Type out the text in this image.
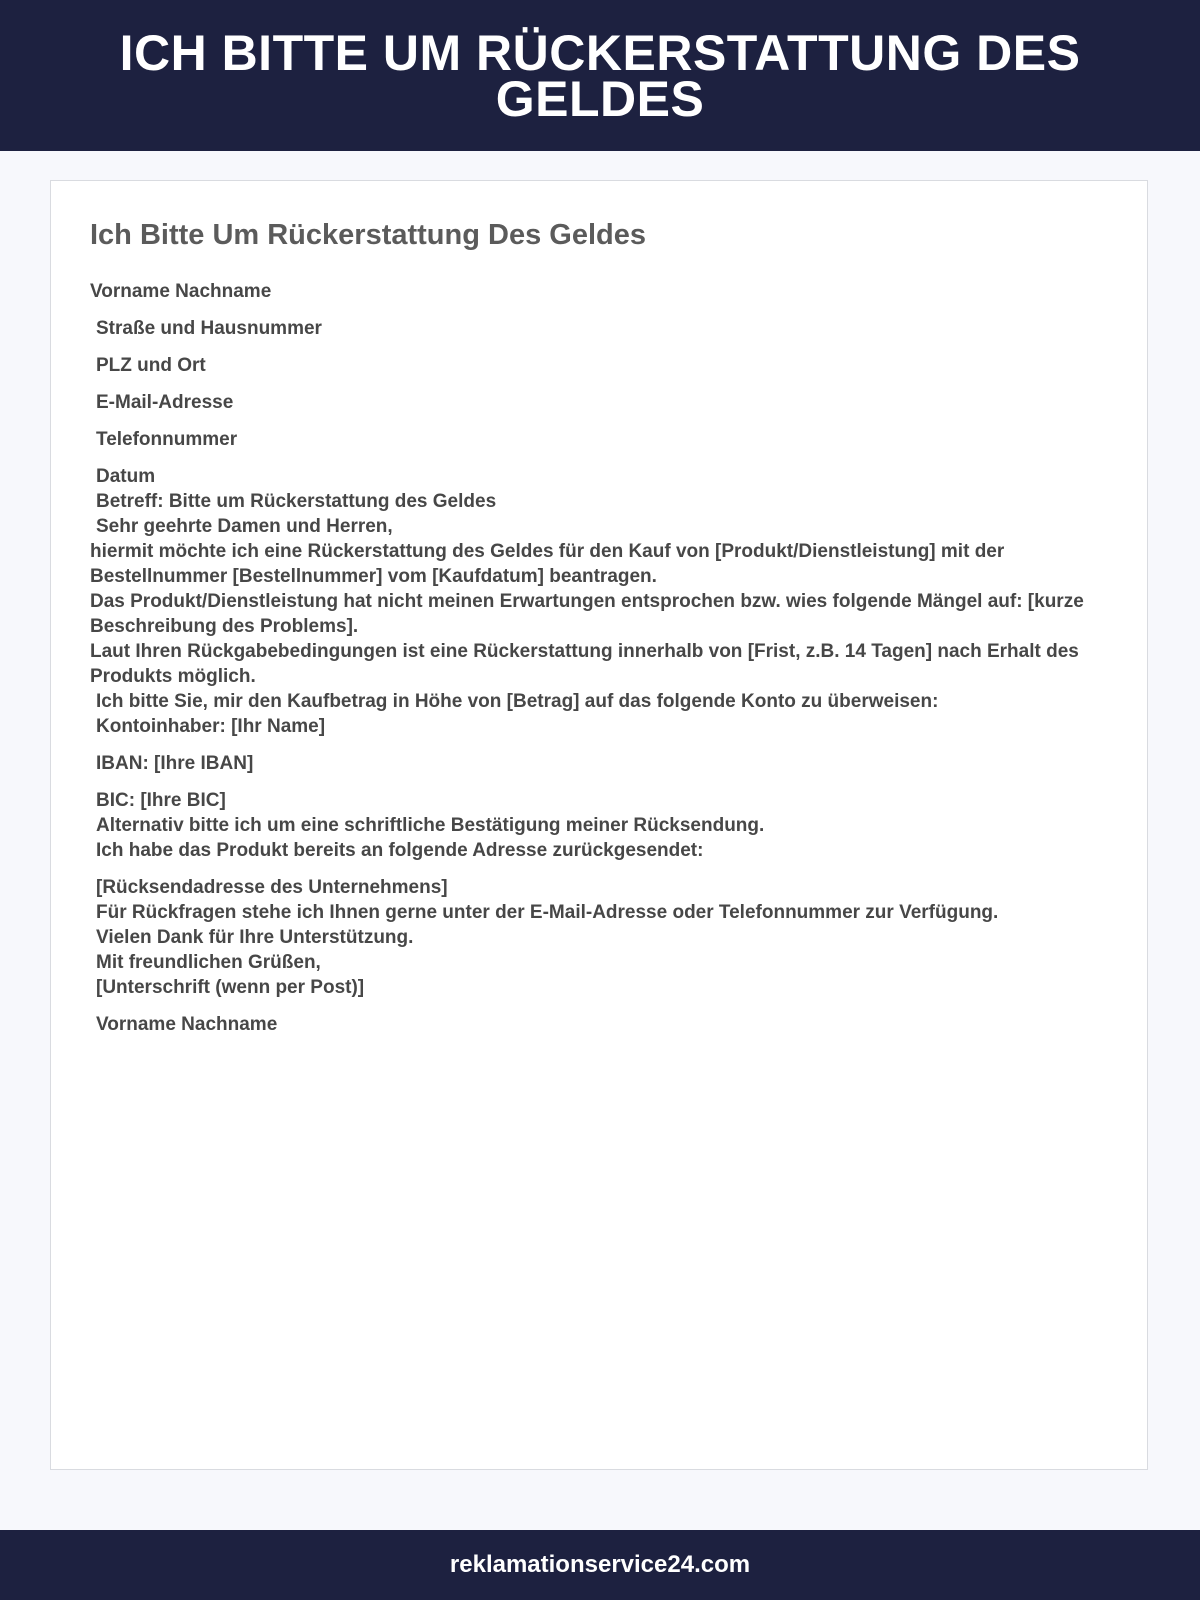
ICH BITTE UM RÜCKERSTATTUNG DES GELDES
Ich Bitte Um Rückerstattung Des Geldes
Vorname Nachname
Straße und Hausnummer
PLZ und Ort
E-Mail-Adresse
Telefonnummer
Datum
Betreff: Bitte um Rückerstattung des Geldes
Sehr geehrte Damen und Herren,
hiermit möchte ich eine Rückerstattung des Geldes für den Kauf von [Produkt/Dienstleistung] mit der Bestellnummer [Bestellnummer] vom [Kaufdatum] beantragen.
Das Produkt/Dienstleistung hat nicht meinen Erwartungen entsprochen bzw. wies folgende Mängel auf: [kurze Beschreibung des Problems].
Laut Ihren Rückgabebedingungen ist eine Rückerstattung innerhalb von [Frist, z.B. 14 Tagen] nach Erhalt des Produkts möglich.
Ich bitte Sie, mir den Kaufbetrag in Höhe von [Betrag] auf das folgende Konto zu überweisen:
Kontoinhaber: [Ihr Name]
IBAN: [Ihre IBAN]
BIC: [Ihre BIC]
Alternativ bitte ich um eine schriftliche Bestätigung meiner Rücksendung.
Ich habe das Produkt bereits an folgende Adresse zurückgesendet:
[Rücksendadresse des Unternehmens]
Für Rückfragen stehe ich Ihnen gerne unter der E-Mail-Adresse oder Telefonnummer zur Verfügung.
Vielen Dank für Ihre Unterstützung.
Mit freundlichen Grüßen,
[Unterschrift (wenn per Post)]
Vorname Nachname
reklamationservice24.com
